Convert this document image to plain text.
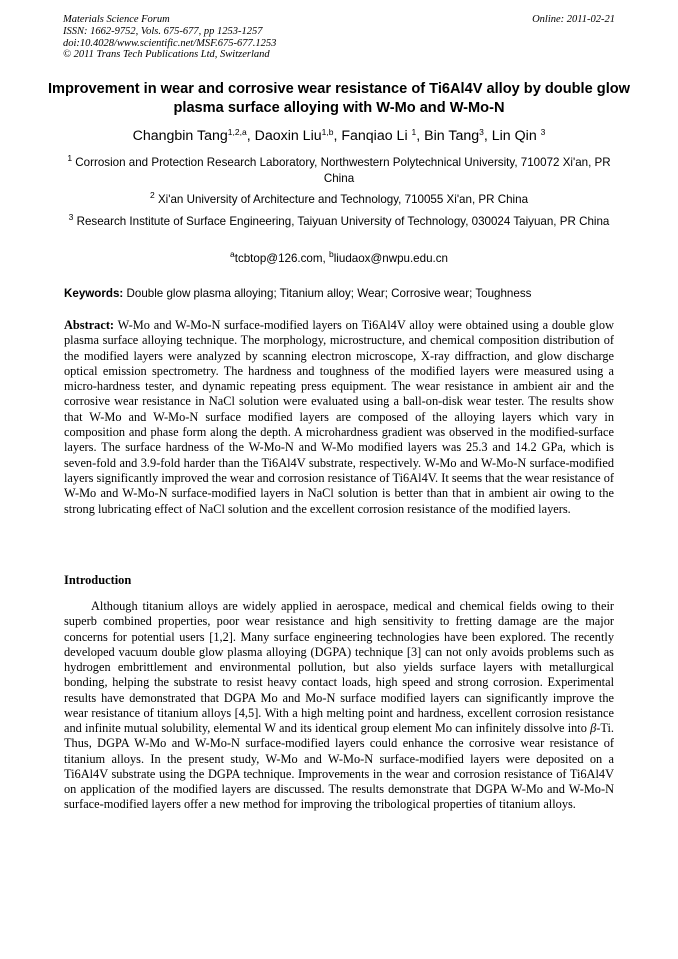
Materials Science Forum
ISSN: 1662-9752, Vols. 675-677, pp 1253-1257
doi:10.4028/www.scientific.net/MSF.675-677.1253
© 2011 Trans Tech Publications Ltd, Switzerland
Online: 2011-02-21
Improvement in wear and corrosive wear resistance of Ti6Al4V alloy by double glow plasma surface alloying with W-Mo and W-Mo-N
Changbin Tang$^{1,2,a}$, Daoxin Liu$^{1,b}$, Fanqiao Li $^1$, Bin Tang$^3$, Lin Qin $^3$
$^1$ Corrosion and Protection Research Laboratory, Northwestern Polytechnical University, 710072 Xi'an, PR China
$^2$ Xi'an University of Architecture and Technology, 710055 Xi'an, PR China
$^3$ Research Institute of Surface Engineering, Taiyuan University of Technology, 030024 Taiyuan, PR China
$^a$tcbtop@126.com, $^b$liudaox@nwpu.edu.cn
Keywords: Double glow plasma alloying; Titanium alloy; Wear; Corrosive wear; Toughness

Abstract: W-Mo and W-Mo-N surface-modified layers on Ti6Al4V alloy were obtained using a double glow plasma surface alloying technique. The morphology, microstructure, and chemical composition distribution of the modified layers were analyzed by scanning electron microscope, X-ray diffraction, and glow discharge optical emission spectrometry. The hardness and toughness of the modified layers were measured using a micro-hardness tester, and dynamic repeating press equipment. The wear resistance in ambient air and the corrosive wear resistance in NaCl solution were evaluated using a ball-on-disk wear tester. The results show that W-Mo and W-Mo-N surface modified layers are composed of the alloying layers which vary in composition and phase form along the depth. A microhardness gradient was observed in the modified-surface layers. The surface hardness of the W-Mo-N and W-Mo modified layers was 25.3 and 14.2 GPa, which is seven-fold and 3.9-fold harder than the Ti6Al4V substrate, respectively. W-Mo and W-Mo-N surface-modified layers significantly improved the wear and corrosion resistance of Ti6Al4V. It seems that the wear resistance of W-Mo and W-Mo-N surface-modified layers in NaCl solution is better than that in ambient air owing to the strong lubricating effect of NaCl solution and the excellent corrosion resistance of the modified layers.

Introduction

Although titanium alloys are widely applied in aerospace, medical and chemical fields owing to their superb combined properties, poor wear resistance and high sensitivity to fretting damage are the major concerns for potential users [1,2]. Many surface engineering technologies have been explored. The recently developed vacuum double glow plasma alloying (DGPA) technique [3] can not only avoids problems such as hydrogen embrittlement and environmental pollution, but also yields surface layers with metallurgical bonding, helping the substrate to resist heavy contact loads, high speed and strong corrosion. Experimental results have demonstrated that DGPA Mo and Mo-N surface modified layers can significantly improve the wear resistance of titanium alloys [4,5]. With a high melting point and hardness, excellent corrosion resistance and infinite mutual solubility, elemental W and its identical group element Mo can infinitely dissolve into β-Ti. Thus, DGPA W-Mo and W-Mo-N surface-modified layers could enhance the corrosive wear resistance of titanium alloys. In the present study, W-Mo and W-Mo-N surface-modified layers were deposited on a Ti6Al4V substrate using the DGPA technique. Improvements in the wear and corrosion resistance of Ti6Al4V on application of the modified layers are discussed. The results demonstrate that DGPA W-Mo and W-Mo-N surface-modified layers offer a new method for improving the tribological properties of titanium alloys.
